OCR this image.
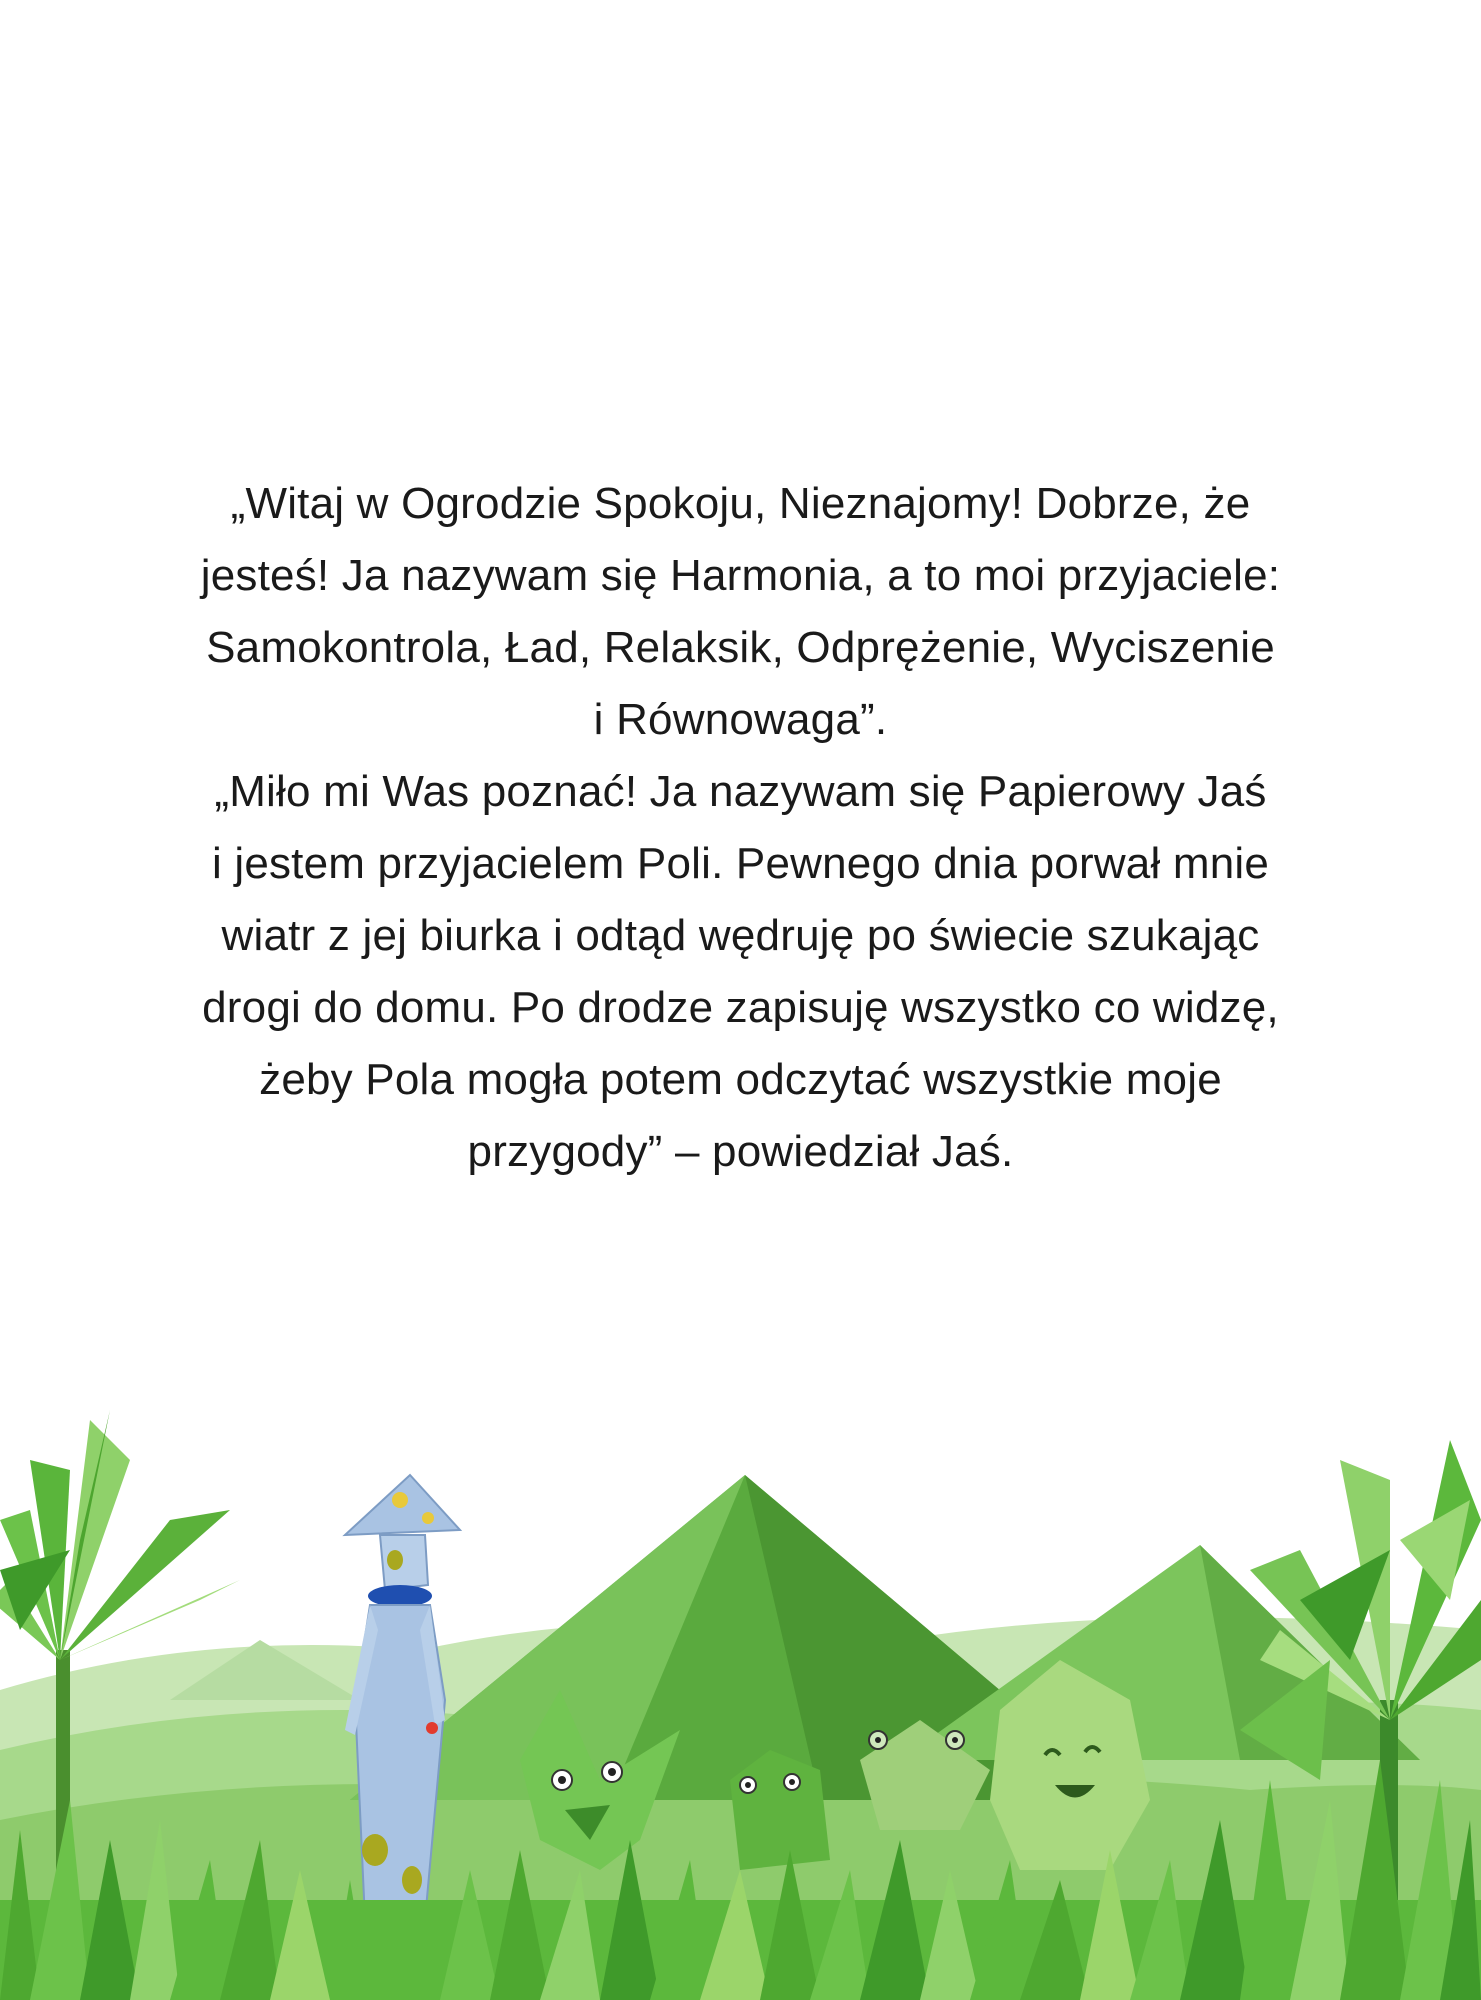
„Witaj w Ogrodzie Spokoju, Nieznajomy! Dobrze, że
jesteś! Ja nazywam się Harmonia, a to moi przyjaciele:
Samokontrola, Ład, Relaksik, Odprężenie, Wyciszenie
i Równowaga”.
„Miło mi Was poznać! Ja nazywam się Papierowy Jaś
i jestem przyjacielem Poli. Pewnego dnia porwał mnie
wiatr z jej biurka i odtąd wędruję po świecie szukając
drogi do domu. Po drodze zapisuję wszystko co widzę,
żeby Pola mogła potem odczytać wszystkie moje
przygody” – powiedział Jaś.
